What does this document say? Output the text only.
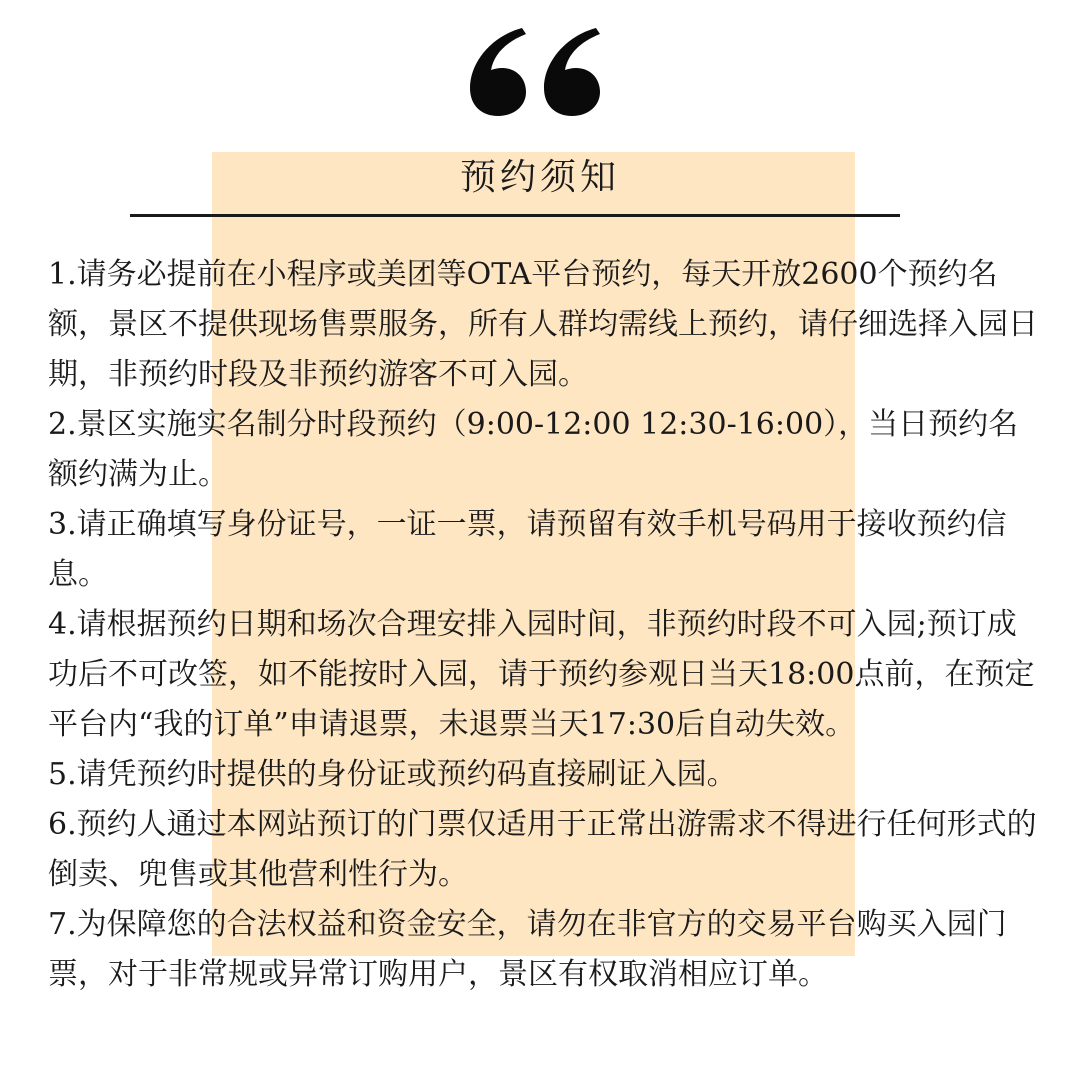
预约须知

1.请务必提前在小程序或美团等OTA平台预约，每天开放2600个预约名额，景区不提供现场售票服务，所有人群均需线上预约，请仔细选择入园日期，非预约时段及非预约游客不可入园。

2.景区实施实名制分时段预约（9:00-12:00 12:30-16:00），当日预约名额约满为止。

3.请正确填写身份证号，一证一票，请预留有效手机号码用于接收预约信息。

4.请根据预约日期和场次合理安排入园时间，非预约时段不可入园;预订成功后不可改签，如不能按时入园，请于预约参观日当天18:00点前，在预定平台内“我的订单”申请退票，未退票当天17:30后自动失效。

5.请凭预约时提供的身份证或预约码直接刷证入园。

6.预约人通过本网站预订的门票仅适用于正常出游需求不得进行任何形式的倒卖、兜售或其他营利性行为。

7.为保障您的合法权益和资金安全，请勿在非官方的交易平台购买入园门票，对于非常规或异常订购用户，景区有权取消相应订单。
